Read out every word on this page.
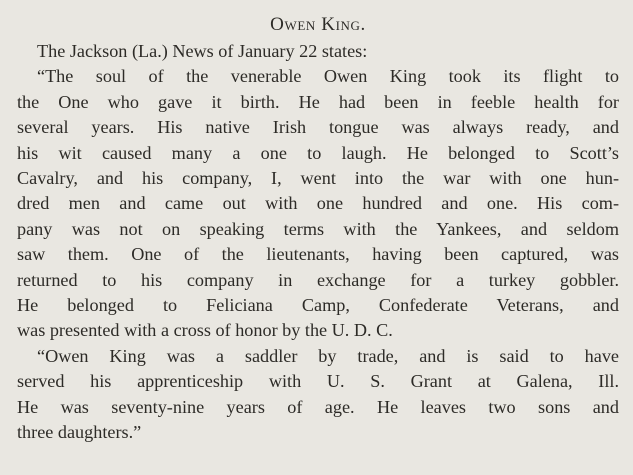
Owen King.
The Jackson (La.) News of January 22 states:
“The soul of the venerable Owen King took its flight to
the One who gave it birth. He had been in feeble health for
several years. His native Irish tongue was always ready, and
his wit caused many a one to laugh. He belonged to Scott’s
Cavalry, and his company, I, went into the war with one hun-
dred men and came out with one hundred and one. His com-
pany was not on speaking terms with the Yankees, and seldom
saw them. One of the lieutenants, having been captured, was
returned to his company in exchange for a turkey gobbler.
He belonged to Feliciana Camp, Confederate Veterans, and
was presented with a cross of honor by the U. D. C.
“Owen King was a saddler by trade, and is said to have
served his apprenticeship with U. S. Grant at Galena, Ill.
He was seventy-nine years of age. He leaves two sons and
three daughters.”
